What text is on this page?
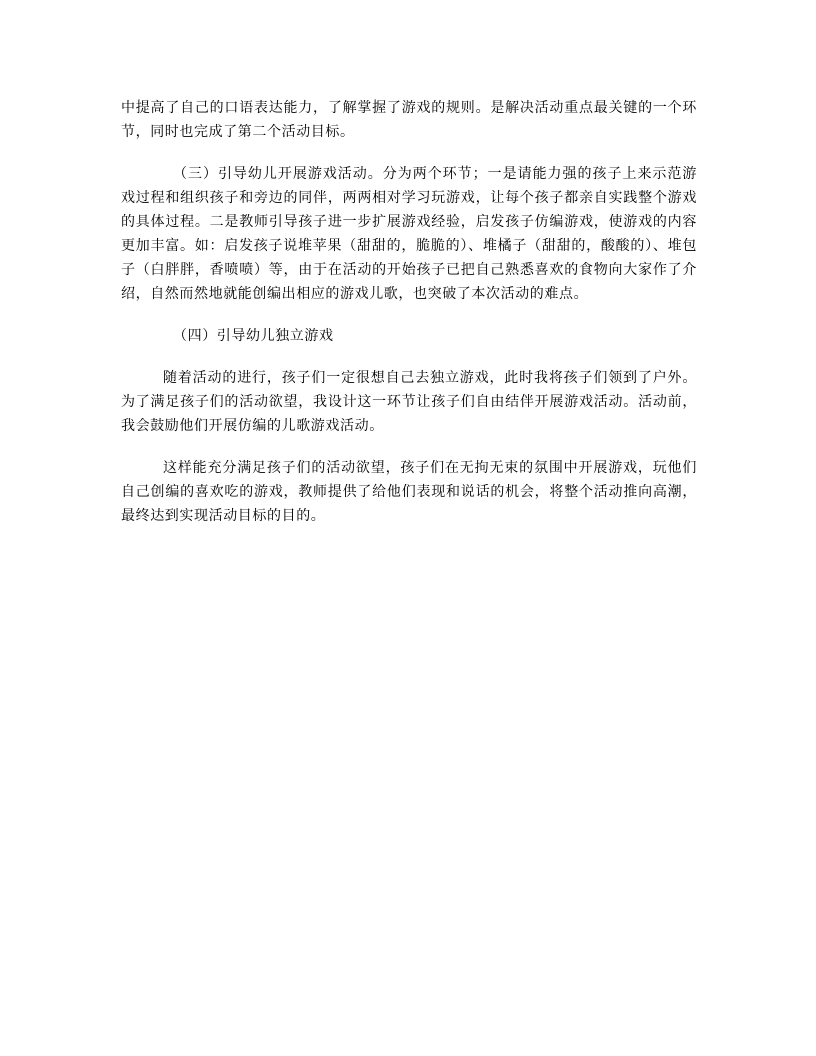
中提高了自己的口语表达能力，了解掌握了游戏的规则。是解决活动重点最关键的一个环节，同时也完成了第二个活动目标。

（三）引导幼儿开展游戏活动。分为两个环节；一是请能力强的孩子上来示范游戏过程和组织孩子和旁边的同伴，两两相对学习玩游戏，让每个孩子都亲自实践整个游戏的具体过程。二是教师引导孩子进一步扩展游戏经验，启发孩子仿编游戏，使游戏的内容更加丰富。如：启发孩子说堆苹果（甜甜的，脆脆的）、堆橘子（甜甜的，酸酸的）、堆包子（白胖胖，香喷喷）等，由于在活动的开始孩子已把自己熟悉喜欢的食物向大家作了介绍，自然而然地就能创编出相应的游戏儿歌，也突破了本次活动的难点。

（四）引导幼儿独立游戏

随着活动的进行，孩子们一定很想自己去独立游戏，此时我将孩子们领到了户外。为了满足孩子们的活动欲望，我设计这一环节让孩子们自由结伴开展游戏活动。活动前，我会鼓励他们开展仿编的儿歌游戏活动。

这样能充分满足孩子们的活动欲望，孩子们在无拘无束的氛围中开展游戏，玩他们自己创编的喜欢吃的游戏，教师提供了给他们表现和说话的机会，将整个活动推向高潮，最终达到实现活动目标的目的。
